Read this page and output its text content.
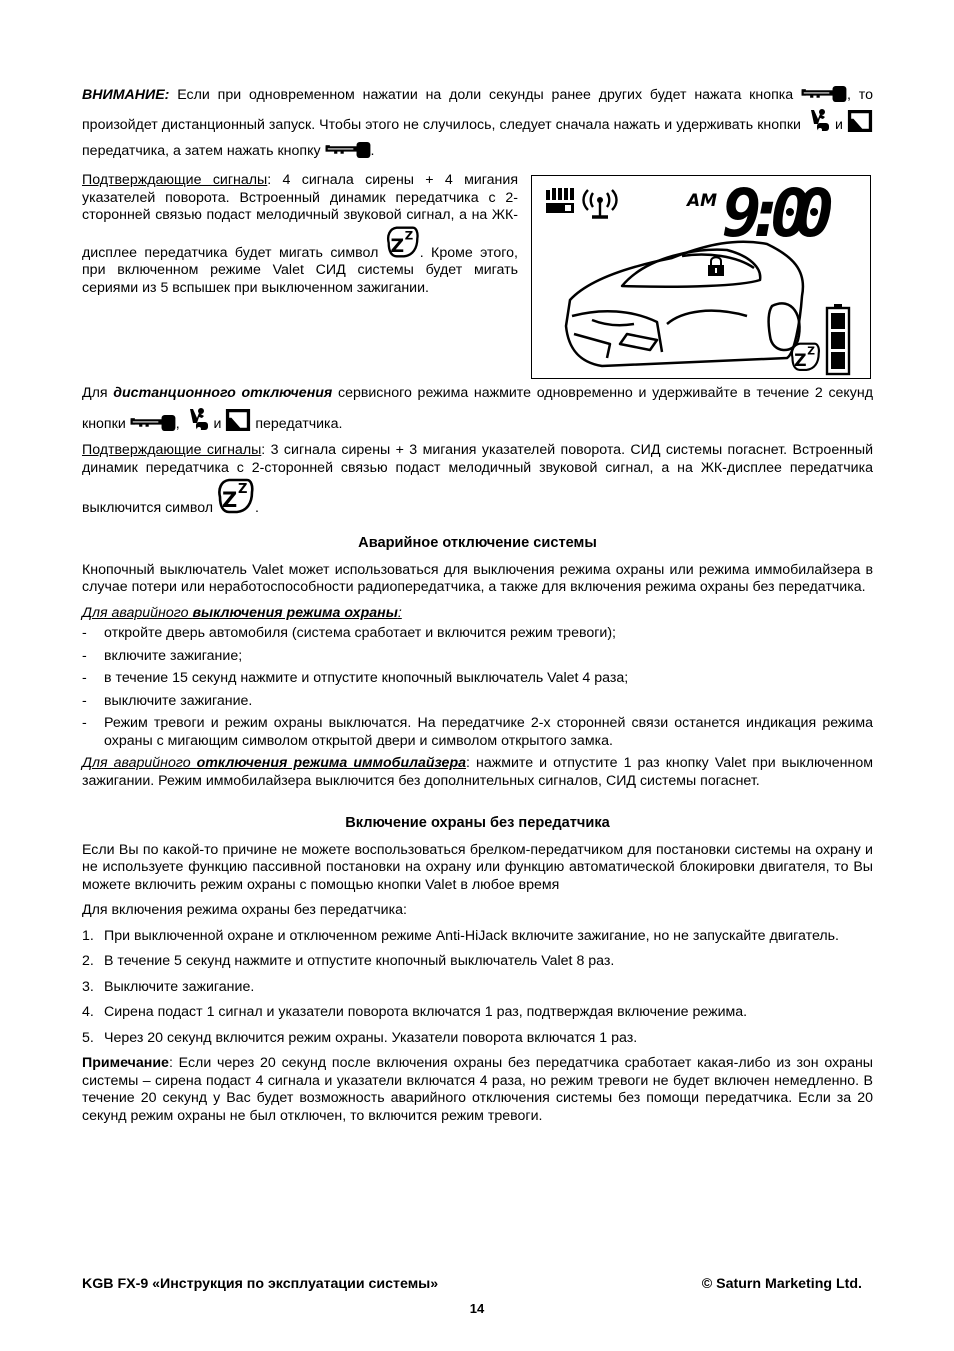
ВНИМАНИЕ: Если при одновременном нажатии на доли секунды ранее других будет нажата кнопка	, то произойдет дистанционный запуск. Чтобы этого не случилось, следует сначала нажать и удерживать кнопки
и
передатчика, а затем нажать кнопку	.

Подтверждающие сигналы: 4 сигнала сирены + 4 мигания указателей поворота. Встроенный динамик передатчика с 2-сторонней связью подаст мелодичный звуковой сигнал, а на ЖК-дисплее передатчика будет мигать символ
. Кроме этого, при включенном режиме Valet СИД системы будет мигать сериями из 5 вспышек при выключенном зажигании.

Для дистанционного отключения сервисного режима нажмите одновременно и удерживайте в течение 2 секунд кнопки	,
и
передатчика.

Подтверждающие сигналы: 3 сигнала сирены + 3 мигания указателей поворота. СИД системы погаснет. Встроенный динамик передатчика с 2-сторонней связью подаст мелодичный звуковой сигнал, а на ЖК-дисплее передатчика выключится символ	.

Аварийное отключение системы

Кнопочный выключатель Valet может использоваться для выключения режима охраны или режима иммобилайзера в случае потери или неработоспособности радиопередатчика, а также для включения режима охраны без передатчика.

Для аварийного выключения режима охраны:

- откройте дверь автомобиля (система сработает и включится режим тревоги);
- включите зажигание;
- в течение 15 секунд нажмите и отпустите кнопочный выключатель Valet 4 раза;
- выключите зажигание.
- Режим тревоги и режим охраны выключатся. На передатчике 2-х сторонней связи останется индикация режима охраны с мигающим символом открытой двери и символом открытого замка.

Для аварийного отключения режима иммобилайзера: нажмите и отпустите 1 раз кнопку Valet при выключенном зажигании. Режим иммобилайзера выключится без дополнительных сигналов, СИД системы погаснет.

Включение охраны без передатчика

Если Вы по какой-то причине не можете воспользоваться брелком-передатчиком для постановки системы на охрану и не используете функцию пассивной постановки на охрану или функцию автоматической блокировки двигателя, то Вы можете включить режим охраны с помощью кнопки Valet в любое время

Для включения режима охраны без передатчика:

1. При выключенной охране и отключенном режиме Anti-HiJack включите зажигание, но не запускайте двигатель.
2. В течение 5 секунд нажмите и отпустите кнопочный выключатель Valet 8 раз.
3. Выключите зажигание.
4. Сирена подаст 1 сигнал и указатели поворота включатся 1 раз, подтверждая включение режима.
5. Через 20 секунд включится режим охраны. Указатели поворота включатся 1 раз.

Примечание: Если через 20 секунд после включения охраны без передатчика сработает какая-либо из зон охраны системы – сирена подаст 4 сигнала и указатели включатся 4 раза, но режим тревоги не будет включен немедленно. В течение 20 секунд у Вас будет возможность аварийного отключения системы без помощи передатчика. Если за 20 секунд режим охраны не был отключен, то включится режим тревоги.

AM 9:00
KGB FX-9 «Инструкция по эксплуатации системы»	© Saturn Marketing Ltd.
14
